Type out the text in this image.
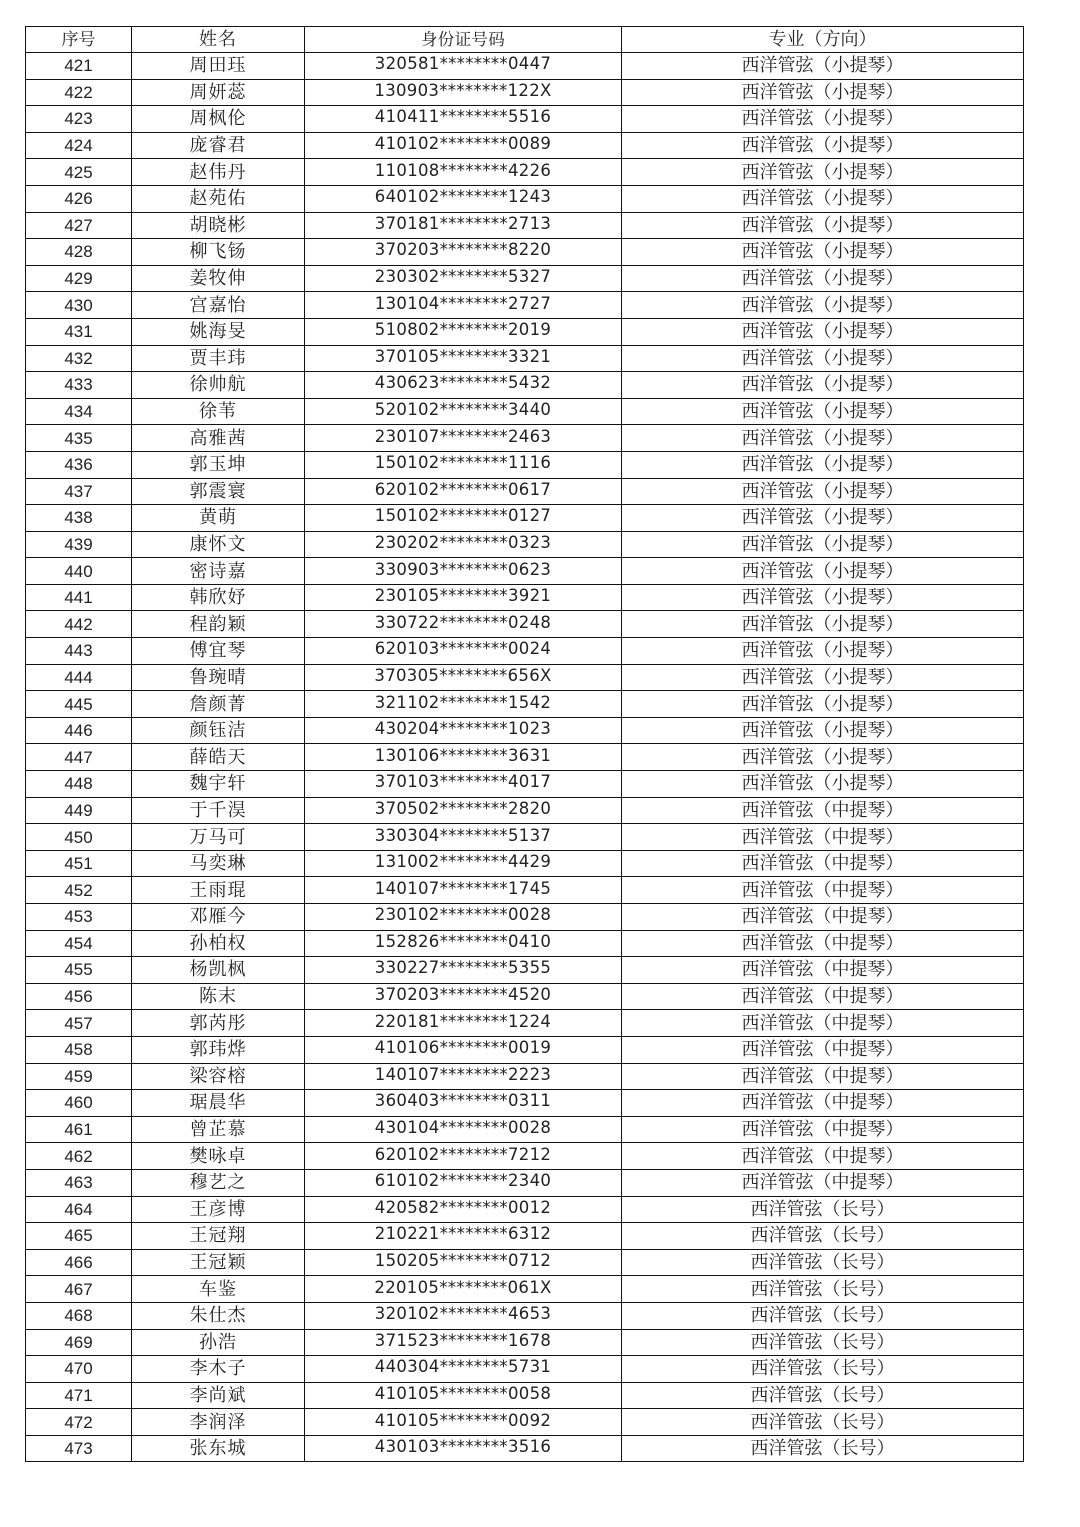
序号	姓名	身份证号码	专业（方向）
421	周田珏	320581********0447	西洋管弦（小提琴）
422	周妍蕊	130903********122X	西洋管弦（小提琴）
423	周枫伦	410411********5516	西洋管弦（小提琴）
424	庞睿君	410102********0089	西洋管弦（小提琴）
425	赵伟丹	110108********4226	西洋管弦（小提琴）
426	赵苑佑	640102********1243	西洋管弦（小提琴）
427	胡晓彬	370181********2713	西洋管弦（小提琴）
428	柳飞钖	370203********8220	西洋管弦（小提琴）
429	姜牧伸	230302********5327	西洋管弦（小提琴）
430	宫嘉怡	130104********2727	西洋管弦（小提琴）
431	姚海旻	510802********2019	西洋管弦（小提琴）
432	贾丰玮	370105********3321	西洋管弦（小提琴）
433	徐帅航	430623********5432	西洋管弦（小提琴）
434	徐苇	520102********3440	西洋管弦（小提琴）
435	高雅茜	230107********2463	西洋管弦（小提琴）
436	郭玉坤	150102********1116	西洋管弦（小提琴）
437	郭震寰	620102********0617	西洋管弦（小提琴）
438	黄萌	150102********0127	西洋管弦（小提琴）
439	康怀文	230202********0323	西洋管弦（小提琴）
440	密诗嘉	330903********0623	西洋管弦（小提琴）
441	韩欣妤	230105********3921	西洋管弦（小提琴）
442	程韵颖	330722********0248	西洋管弦（小提琴）
443	傅宜琴	620103********0024	西洋管弦（小提琴）
444	鲁琬晴	370305********656X	西洋管弦（小提琴）
445	詹颜菁	321102********1542	西洋管弦（小提琴）
446	颜钰洁	430204********1023	西洋管弦（小提琴）
447	薛皓天	130106********3631	西洋管弦（小提琴）
448	魏宇轩	370103********4017	西洋管弦（小提琴）
449	于千淏	370502********2820	西洋管弦（中提琴）
450	万马可	330304********5137	西洋管弦（中提琴）
451	马奕琳	131002********4429	西洋管弦（中提琴）
452	王雨琨	140107********1745	西洋管弦（中提琴）
453	邓雁今	230102********0028	西洋管弦（中提琴）
454	孙柏权	152826********0410	西洋管弦（中提琴）
455	杨凯枫	330227********5355	西洋管弦（中提琴）
456	陈末	370203********4520	西洋管弦（中提琴）
457	郭芮彤	220181********1224	西洋管弦（中提琴）
458	郭玮烨	410106********0019	西洋管弦（中提琴）
459	梁容榕	140107********2223	西洋管弦（中提琴）
460	琚晨华	360403********0311	西洋管弦（中提琴）
461	曾芷慕	430104********0028	西洋管弦（中提琴）
462	樊咏卓	620102********7212	西洋管弦（中提琴）
463	穆艺之	610102********2340	西洋管弦（中提琴）
464	王彦博	420582********0012	西洋管弦（长号）
465	王冠翔	210221********6312	西洋管弦（长号）
466	王冠颖	150205********0712	西洋管弦（长号）
467	车鉴	220105********061X	西洋管弦（长号）
468	朱仕杰	320102********4653	西洋管弦（长号）
469	孙浩	371523********1678	西洋管弦（长号）
470	李木子	440304********5731	西洋管弦（长号）
471	李尚斌	410105********0058	西洋管弦（长号）
472	李润泽	410105********0092	西洋管弦（长号）
473	张东城	430103********3516	西洋管弦（长号）
